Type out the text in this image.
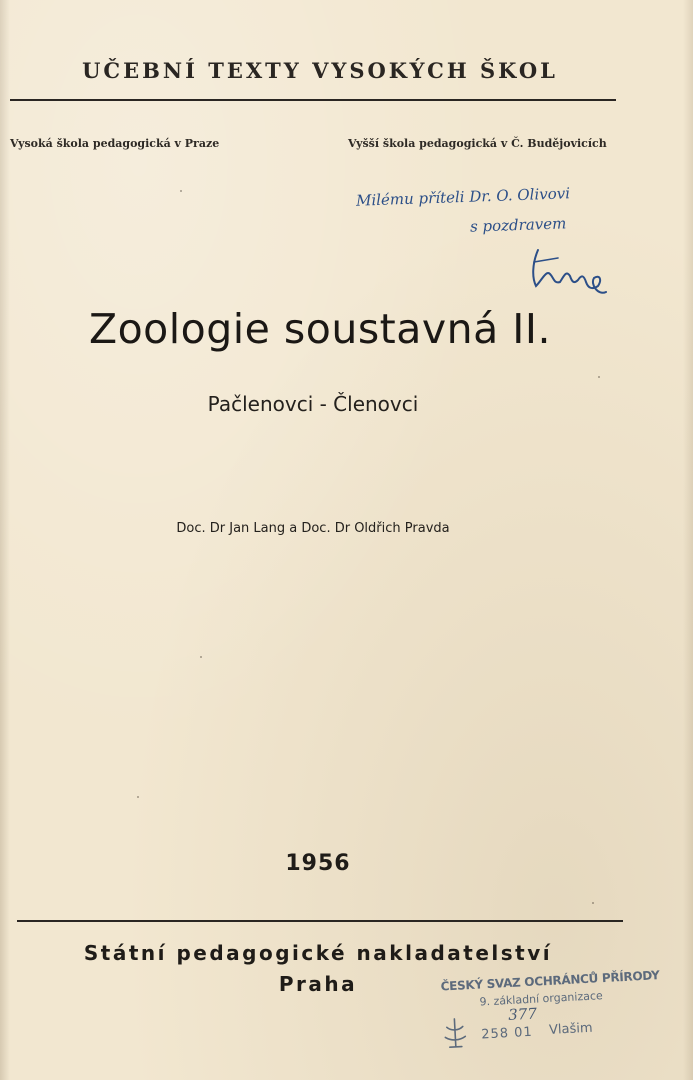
UČEBNÍ TEXTY VYSOKÝCH ŠKOL
Vysoká škola pedagogická v Praze	Vyšší škola pedagogická v Č. Budějovicích
Milému příteli Dr. O. Olivovi
s pozdravem
Zoologie soustavná II.
Pačlenovci - Členovci
Doc. Dr Jan Lang a Doc. Dr Oldřich Pravda
1956
Státní pedagogické nakladatelství
Praha	ČESKÝ SVAZ OCHRÁNCŮ PŘÍRODY
9. základní organizace
377
258 01 Vlašim
